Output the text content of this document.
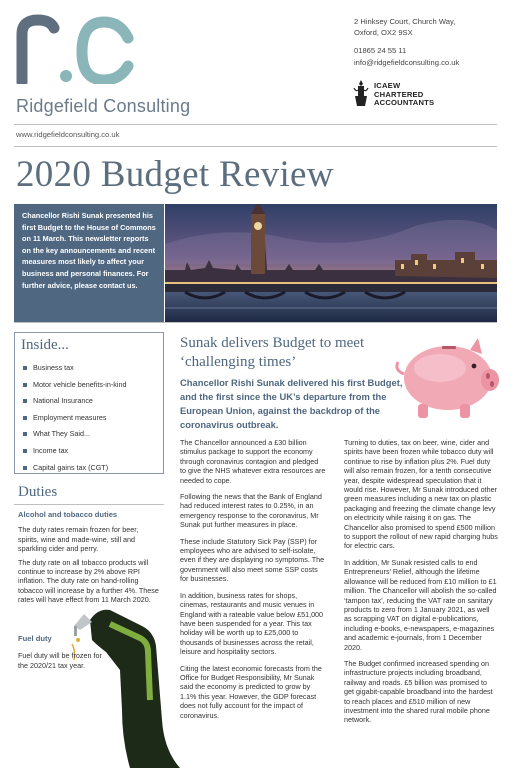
Ridgefield Consulting
2 Hinksey Court, Church Way,
Oxford, OX2 9SX
01865 24 55 11
info@ridgefieldconsulting.co.uk
ICAEW
CHARTERED
ACCOUNTANTS
www.ridgefieldconsulting.co.uk
2020 Budget Review
Chancellor Rishi Sunak presented his first Budget to the House of Commons on 11 March. This newsletter reports on the key announcements and recent measures most likely to affect your business and personal finances. For further advice, please contact us.
Inside...
Business tax
Motor vehicle benefits-in-kind
National Insurance
Employment measures
What They Said...
Income tax
Capital gains tax (CGT)
Duties
Alcohol and tobacco duties

The duty rates remain frozen for beer, spirits, wine and made-wine, still and sparkling cider and perry.

The duty rate on all tobacco products will continue to increase by 2% above RPI inflation. The duty rate on hand-rolling tobacco will increase by a further 4%. These rates will have effect from 11 March 2020.

Fuel duty
Fuel duty will be frozen for the 2020/21 tax year.
Sunak delivers Budget to meet ‘challenging times’
Chancellor Rishi Sunak delivered his first Budget, and the first since the UK’s departure from the European Union, against the backdrop of the coronavirus outbreak.

The Chancellor announced a £30 billion stimulus package to support the economy through coronavirus contagion and pledged to give the NHS whatever extra resources are needed to cope.

Following the news that the Bank of England had reduced interest rates to 0.25%, in an emergency response to the coronavirus, Mr Sunak put further measures in place.

These include Statutory Sick Pay (SSP) for employees who are advised to self-isolate, even if they are displaying no symptoms. The government will also meet some SSP costs for businesses.

In addition, business rates for shops, cinemas, restaurants and music venues in England with a rateable value below £51,000 have been suspended for a year. This tax holiday will be worth up to £25,000 to thousands of businesses across the retail, leisure and hospitality sectors.

Citing the latest economic forecasts from the Office for Budget Responsibility, Mr Sunak said the economy is predicted to grow by 1.1% this year. However, the GDP forecast does not fully account for the impact of coronavirus.

Turning to duties, tax on beer, wine, cider and spirits have been frozen while tobacco duty will continue to rise by inflation plus 2%. Fuel duty will also remain frozen, for a tenth consecutive year, despite widespread speculation that it would rise. However, Mr Sunak introduced other green measures including a new tax on plastic packaging and freezing the climate change levy on electricity while raising it on gas. The Chancellor also promised to spend £500 million to support the rollout of new rapid charging hubs for electric cars.

In addition, Mr Sunak resisted calls to end Entrepreneurs’ Relief, although the lifetime allowance will be reduced from £10 million to £1 million. The Chancellor will abolish the so-called ‘tampon tax’, reducing the VAT rate on sanitary products to zero from 1 January 2021, as well as scrapping VAT on digital e-publications, including e-books, e-newspapers, e-magazines and academic e-journals, from 1 December 2020.

The Budget confirmed increased spending on infrastructure projects including broadband, railway and roads. £5 billion was promised to get gigabit-capable broadband into the hardest to reach places and £510 million of new investment into the shared rural mobile phone network.
